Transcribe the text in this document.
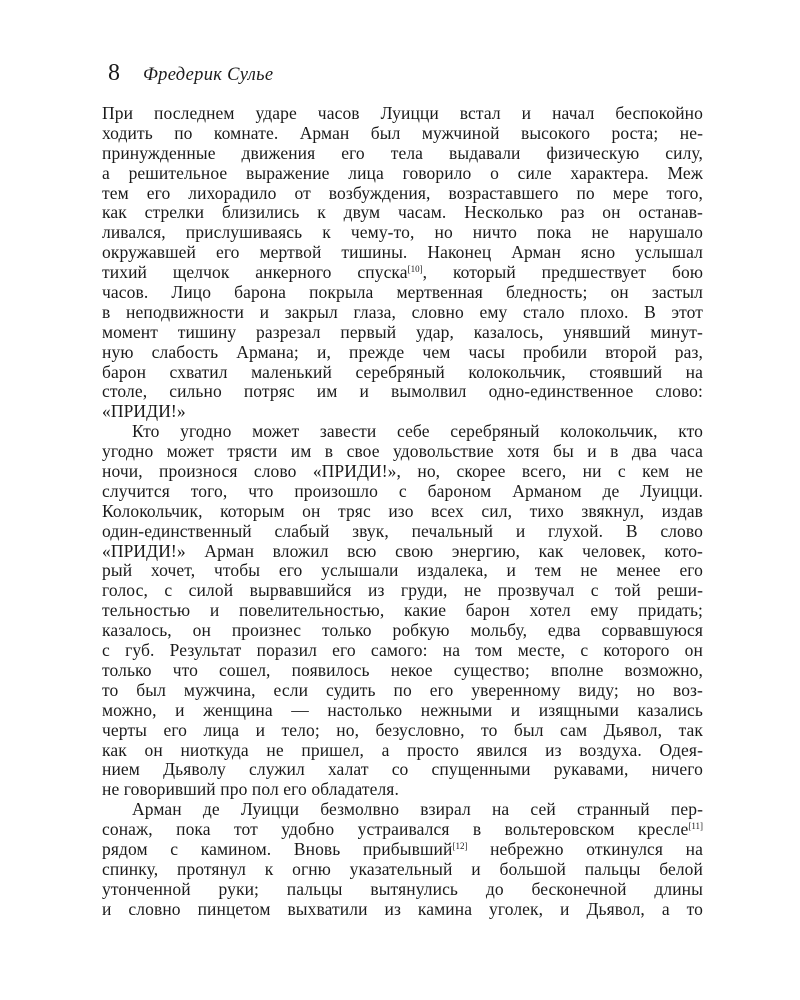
8 Фредерик Сулье
При последнем ударе часов Луицци встал и начал беспокойно
ходить по комнате. Арман был мужчиной высокого роста; не-
принужденные движения его тела выдавали физическую силу,
а решительное выражение лица говорило о силе характера. Меж
тем его лихорадило от возбуждения, возраставшего по мере того,
как стрелки близились к двум часам. Несколько раз он останав-
ливался, прислушиваясь к чему-то, но ничто пока не нарушало
окружавшей его мертвой тишины. Наконец Арман ясно услышал
тихий щелчок анкерного спуска[10], который предшествует бою
часов. Лицо барона покрыла мертвенная бледность; он застыл
в неподвижности и закрыл глаза, словно ему стало плохо. В этот
момент тишину разрезал первый удар, казалось, унявший минут-
ную слабость Армана; и, прежде чем часы пробили второй раз,
барон схватил маленький серебряный колокольчик, стоявший на
столе, сильно потряс им и вымолвил одно-единственное слово:
«ПРИДИ!»
Кто угодно может завести себе серебряный колокольчик, кто
угодно может трясти им в свое удовольствие хотя бы и в два часа
ночи, произнося слово «ПРИДИ!», но, скорее всего, ни с кем не
случится того, что произошло с бароном Арманом де Луицци.
Колокольчик, которым он тряс изо всех сил, тихо звякнул, издав
один-единственный слабый звук, печальный и глухой. В слово
«ПРИДИ!» Арман вложил всю свою энергию, как человек, кото-
рый хочет, чтобы его услышали издалека, и тем не менее его
голос, с силой вырвавшийся из груди, не прозвучал с той реши-
тельностью и повелительностью, какие барон хотел ему придать;
казалось, он произнес только робкую мольбу, едва сорвавшуюся
с губ. Результат поразил его самого: на том месте, с которого он
только что сошел, появилось некое существо; вполне возможно,
то был мужчина, если судить по его уверенному виду; но воз-
можно, и женщина — настолько нежными и изящными казались
черты его лица и тело; но, безусловно, то был сам Дьявол, так
как он ниоткуда не пришел, а просто явился из воздуха. Одея-
нием Дьяволу служил халат со спущенными рукавами, ничего
не говоривший про пол его обладателя.
Арман де Луицци безмолвно взирал на сей странный пер-
сонаж, пока тот удобно устраивался в вольтеровском кресле[11]
рядом с камином. Вновь прибывший[12] небрежно откинулся на
спинку, протянул к огню указательный и большой пальцы белой
утонченной руки; пальцы вытянулись до бесконечной длины
и словно пинцетом выхватили из камина уголек, и Дьявол, а то
